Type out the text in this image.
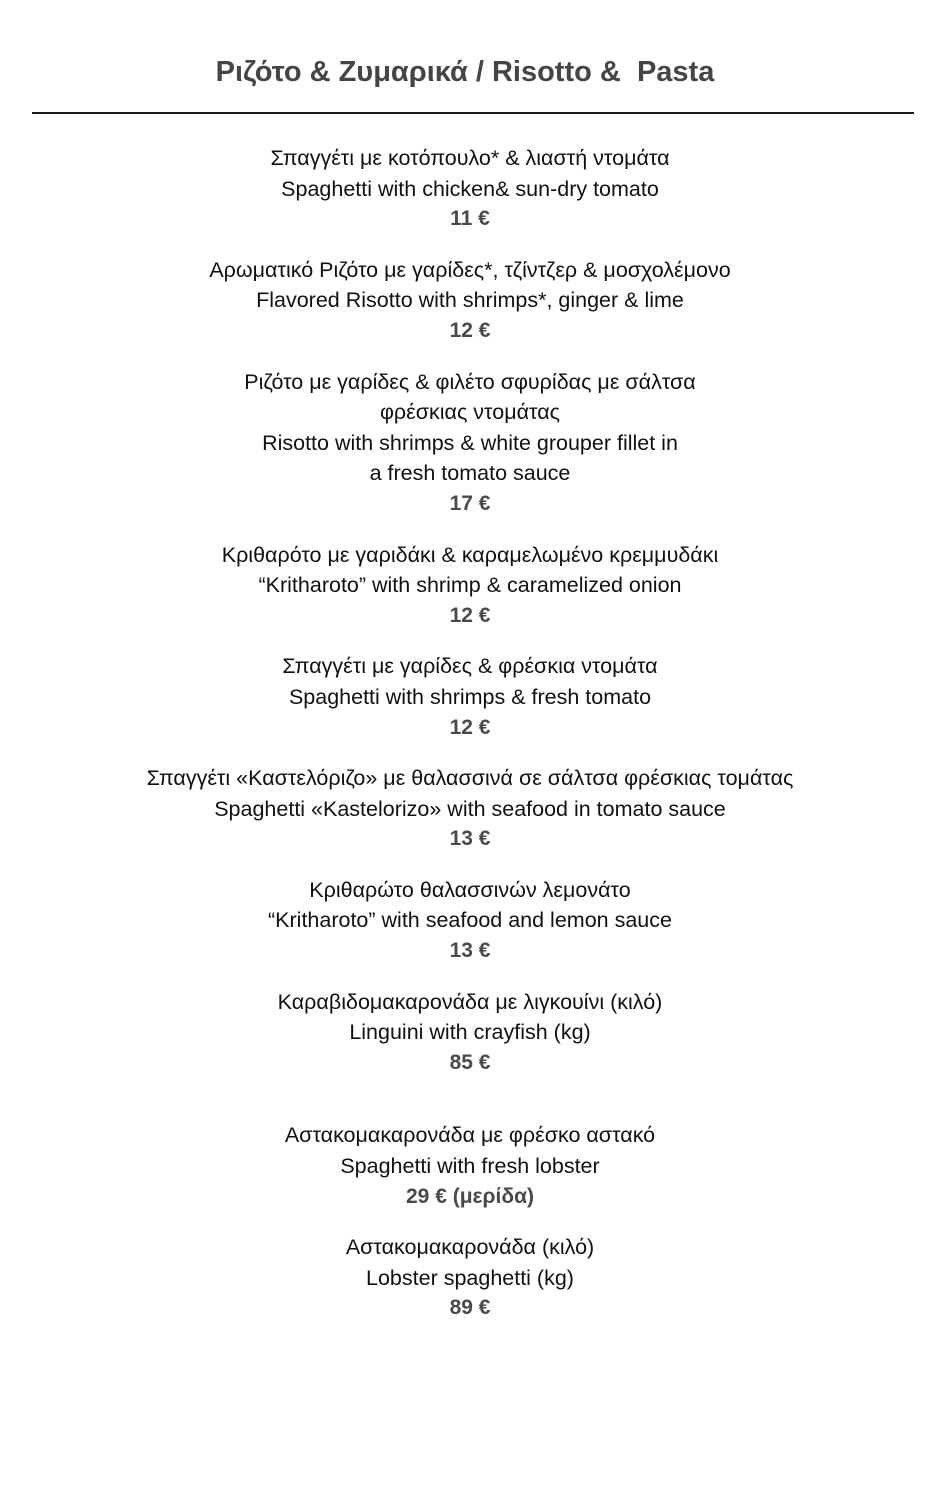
Ριζότο & Ζυμαρικά / Risotto &  Pasta
Σπαγγέτι με κοτόπουλο* & λιαστή ντομάτα
Spaghetti with chicken& sun-dry tomato
11 €
Αρωματικό Ριζότο με γαρίδες*, τζίντζερ & μοσχολέμονο
Flavored Risotto with shrimps*, ginger & lime
12 €
Ριζότο με γαρίδες & φιλέτο σφυρίδας με σάλτσα
φρέσκιας ντομάτας
Risotto with shrimps & white grouper fillet in
a fresh tomato sauce
17 €
Κριθαρότο με γαριδάκι & καραμελωμένο κρεμμυδάκι
“Kritharoto” with shrimp & caramelized onion
12 €
Σπαγγέτι με γαρίδες & φρέσκια ντομάτα
Spaghetti with shrimps & fresh tomato
12 €
Σπαγγέτι «Καστελόριζο» με θαλασσινά σε σάλτσα φρέσκιας τομάτας
Spaghetti «Kastelorizo» with seafood in tomato sauce
13 €
Κριθαρώτο θαλασσινών λεμονάτο
“Kritharoto” with seafood and lemon sauce
13 €
Καραβιδομακαρονάδα με λιγκουίνι (κιλό)
Linguini with crayfish (kg)
85 €
Αστακομακαρονάδα με φρέσκο αστακό
Spaghetti with fresh lobster
29 € (μερίδα)
Αστακομακαρονάδα (κιλό)
Lobster spaghetti (kg)
89 €
